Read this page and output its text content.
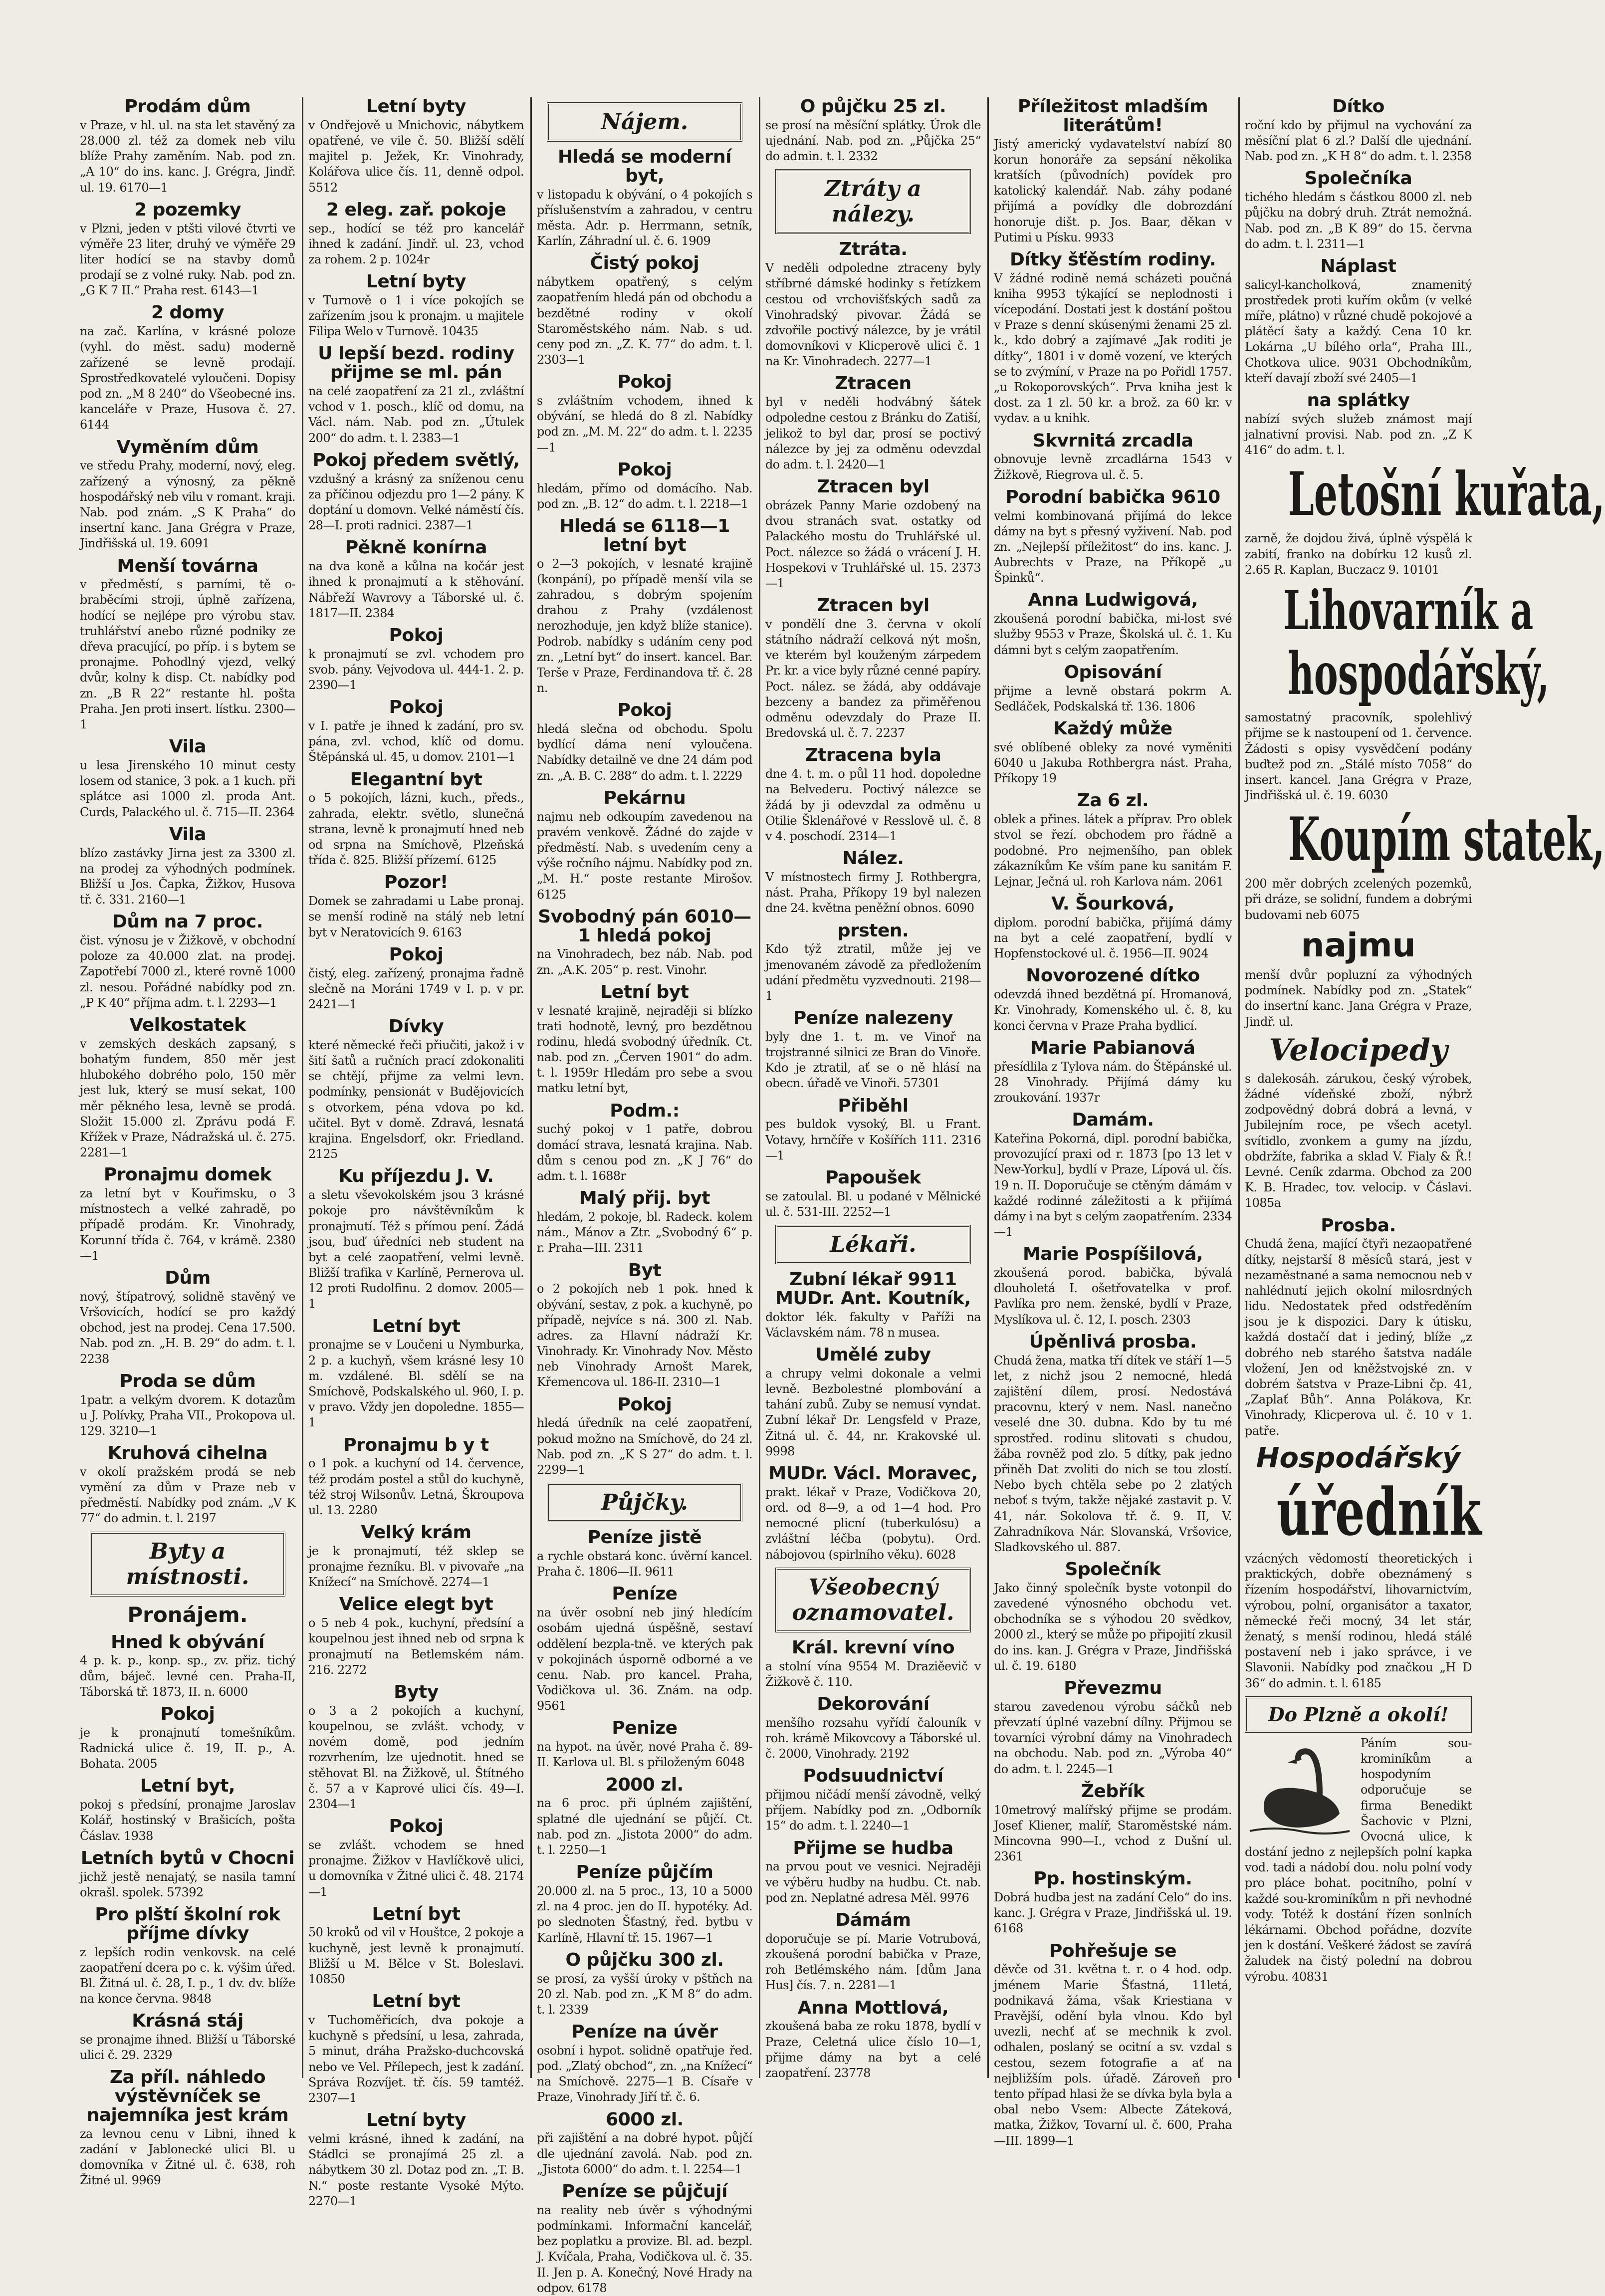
Prodám dům

v Praze, v hl. ul. na sta let stavěný za 28.000 zl. též za domek neb vilu blíže Prahy zaměním. Nab. pod zn. „A 10“ do ins. kanc. J. Grégra, Jindř. ul. 19. 6170—1

2 pozemky

v Plzni, jeden v ptšti vilové čtvrti ve výměře 23 liter, druhý ve výměře 29 liter hodící se na stavby domů prodají se z volné ruky. Nab. pod zn. „G K 7 II.“ Praha rest. 6143—1

2 domy

na zač. Karlína, v krásné poloze (vyhl. do měst. sadu) moderně zařízené se levně prodají. Sprostředkovatelé vyloučeni. Dopisy pod zn. „M 8 240“ do Všeobecné ins. kanceláře v Praze, Husova č. 27. 6144

Vyměním dům

ve středu Prahy, moderní, nový, eleg. zařízený a výnosný, za pěkně hospodářský neb vilu v romant. kraji. Nab. pod znám. „S K Praha“ do insertní kanc. Jana Grégra v Praze, Jindřišská ul. 19. 6091

Menší továrna

v předměstí, s parními, tě o-braběcími stroji, úplně zařízena, hodící se nejlépe pro výrobu stav. truhlářství anebo různé podniky ze dřeva pracující, po příp. i s bytem se pronajme. Pohodlný vjezd, velký dvůr, kolny k disp. Ct. nabídky pod zn. „B R 22“ restante hl. pošta Praha. Jen proti insert. lístku. 2300—1

Vila

u lesa Jirenského 10 minut cesty losem od stanice, 3 pok. a 1 kuch. při splátce asi 1000 zl. proda Ant. Curds, Palackého ul. č. 715—II. 2364

Vila

blízo zastávky Jirna jest za 3300 zl. na prodej za výhodných podmínek. Bližší u Jos. Čapka, Žižkov, Husova tř. č. 331. 2160—1

Dům na 7 proc.

čist. výnosu je v Žižkově, v obchodní poloze za 40.000 zlat. na prodej. Zapotřebí 7000 zl., které rovně 1000 zl. nesou. Pořádné nabídky pod zn. „P K 40“ příjma adm. t. l. 2293—1

Velkostatek

v zemských deskách zapsaný, s bohatým fundem, 850 měr jest hlubokého dobrého polo, 150 měr jest luk, který se musí sekat, 100 měr pěkného lesa, levně se prodá. Složit 15.000 zl. Zprávu podá F. Křížek v Praze, Nádražská ul. č. 275. 2281—1

Pronajmu domek

za letní byt v Kouřimsku, o 3 místnostech a velké zahradě, po případě prodám. Kr. Vinohrady, Korunní třída č. 764, v krámě. 2380—1

Dům

nový, štípatrový, solidně stavěný ve Vršovicích, hodící se pro každý obchod, jest na prodej. Cena 17.500. Nab. pod zn. „H. B. 29“ do adm. t. l. 2238

Proda se dům

1patr. a velkým dvorem. K dotazům u J. Polívky, Praha VII., Prokopova ul. 129. 3210—1

Kruhová cihelna

v okolí pražském prodá se neb vymění za dům v Praze neb v předměstí. Nabídky pod znám. „V K 77“ do admin. t. l. 2197

Byty a místnosti.
Pronájem.
Hned k obývání

4 p. k. p., konp. sp., zv. přiz. tichý dům, báječ. levné cen. Praha-II, Táborská tř. 1873, II. n. 6000

Pokoj

je k pronajnutí tomešníkům. Radnická ulice č. 19, II. p., A. Bohata. 2005

Letní byt,

pokoj s předsíní, pronajme Jaroslav Kolář, hostinský v Brašicích, pošta Čáslav. 1938

Letních bytů v Chocni

jichž jestě nenajatý, se nasila tamní okrašl. spolek. 57392

Pro plští školní rok příjme dívky

z lepších rodin venkovsk. na celé zaopatření dcera po c. k. výšim úřed. Bl. Žitná ul. č. 28, I. p., 1 dv. dv. blíže na konce června. 9848

Krásná stáj

se pronajme ihned. Bližší u Táborské ulici č. 29. 2329

Za příl. náhledo výstěvníček se najemníka jest krám

za levnou cenu v Libni, ihned k zadání v Jablonecké ulici Bl. u domovníka v Žitné ul. č. 638, roh Žitné ul. 9969

Letní byty

v Ondřejově u Mnichovic, nábytkem opatřené, ve vile č. 50. Bližší sdělí majitel p. Ježek, Kr. Vinohrady, Kolářova ulice čís. 11, denně odpol. 5512

2 eleg. zař. pokoje

sep., hodící se též pro kancelář ihned k zadání. Jindř. ul. 23, vchod za rohem. 2 p. 1024r

Letní byty

v Turnově o 1 i více pokojích se zařízením jsou k pronajm. u majitele Filipa Welo v Turnově. 10435

U lepší bezd. rodiny přijme se ml. pán

na celé zaopatření za 21 zl., zvláštní vchod v 1. posch., klíč od domu, na Václ. nám. Nab. pod zn. „Útulek 200“ do adm. t. l. 2383—1

Pokoj předem světlý,

vzdušný a krásný za sníženou cenu za příčinou odjezdu pro 1—2 pány. K doptání u domovn. Velké náměstí čís. 28—I. proti radnici. 2387—1

Pěkně konírna

na dva koně a kůlna na kočár jest ihned k pronajmutí a k stěhování. Nábřeží Wavrovy a Táborské ul. č. 1817—II. 2384

Pokoj

k pronajmutí se zvl. vchodem pro svob. pány. Vejvodova ul. 444-1. 2. p. 2390—1

Pokoj

v I. patře je ihned k zadání, pro sv. pána, zvl. vchod, klíč od domu. Štěpánská ul. 45, u domov. 2101—1

Elegantní byt

o 5 pokojích, lázni, kuch., předs., zahrada, elektr. světlo, slunečná strana, levně k pronajmutí hned neb od srpna na Smíchově, Plzeňská třída č. 825. Bližší přízemí. 6125

Pozor!

Domek se zahradami u Labe pronaj. se menší rodině na stálý neb letní byt v Neratovicích 9. 6163

Pokoj

čistý, eleg. zařízený, pronajma řadně slečně na Moráni 1749 v I. p. v pr. 2421—1

Dívky

které německé řeči přiučiti, jakož i v šití šatů a ručních prací zdokonaliti se chtějí, přijme za velmi levn. podmínky, pensionát v Budějovicích s otvorkem, péna vdova po kd. učitel. Byt v domě. Zdravá, lesnatá krajina. Engelsdorf, okr. Friedland. 2125

Ku příjezdu J. V.

a sletu vševokolském jsou 3 krásné pokoje pro návštěvníkům k pronajmutí. Též s přímou pení. Žádá jsou, buď úředníci neb student na byt a celé zaopatření, velmi levně. Bližší trafika v Karlíně, Pernerova ul. 12 proti Rudolfinu. 2 domov. 2005—1

Letní byt

pronajme se v Loučeni u Nymburka, 2 p. a kuchyň, všem krásné lesy 10 m. vzdálené. Bl. sdělí se na Smíchově, Podskalského ul. 960, I. p. v pravo. Vždy jen dopoledne. 1855—1

Pronajmu b y t

o 1 pok. a kuchyní od 14. července, též prodám postel a stůl do kuchyně, též stroj Wilsonův. Letná, Škroupova ul. 13. 2280

Velký krám

je k pronajmutí, též sklep se pronajme řezníku. Bl. v pivovaře „na Knížecí“ na Smíchově. 2274—1

Velice elegt byt

o 5 neb 4 pok., kuchyní, předsíní a koupelnou jest ihned neb od srpna k pronajmutí na Betlemském nám. 216. 2272

Byty

o 3 a 2 pokojích a kuchyní, koupelnou, se zvlášt. vchody, v novém domě, pod jedním rozvrhením, lze ujednotit. hned se stěhovat Bl. na Žižkově, ul. Štítného č. 57 a v Kaprové ulici čís. 49—I. 2304—1

Pokoj

se zvlášt. vchodem se hned pronajme. Žižkov v Havlíčkově ulici, u domovníka v Žitné ulici č. 48. 2174—1

Letní byt

50 kroků od vil v Houštce, 2 pokoje a kuchyně, jest levně k pronajmutí. Bližší u M. Bělce v St. Boleslavi. 10850

Letní byt

v Tuchoměřicích, dva pokoje a kuchyně s předsíní, u lesa, zahrada, 5 minut, dráha Pražsko-duchcovská nebo ve Vel. Přílepech, jest k zadání. Správa Rozvíjet. tř. čís. 59 tamtéž. 2307—1

Letní byty

velmi krásné, ihned k zadání, na Stádlci se pronajímá 25 zl. a nábytkem 30 zl. Dotaz pod zn. „T. B. N.“ poste restante Vysoké Mýto. 2270—1

Nájem.
Hledá se moderní byt,

v listopadu k obývání, o 4 pokojích s příslušenstvím a zahradou, v centru města. Adr. p. Herrmann, setník, Karlín, Záhradní ul. č. 6. 1909

Čistý pokoj

nábytkem opatřený, s celým zaopatřením hledá pán od obchodu a bezdětné rodiny v okolí Staroměstského nám. Nab. s ud. ceny pod zn. „Z. K. 77“ do adm. t. l. 2303—1

Pokoj

s zvláštním vchodem, ihned k obývání, se hledá do 8 zl. Nabídky pod zn. „M. M. 22“ do adm. t. l. 2235—1

Pokoj

hledám, přímo od domácího. Nab. pod zn. „B. 12“ do adm. t. l. 2218—1

Hledá se 6118—1 letní byt

o 2—3 pokojích, v lesnaté krajině (konpání), po případě menší vila se zahradou, s dobrým spojením drahou z Prahy (vzdálenost nerozhoduje, jen když blíže stanice). Podrob. nabídky s udáním ceny pod zn. „Letní byt“ do insert. kancel. Bar. Terše v Praze, Ferdinandova tř. č. 28 n.

Pokoj

hledá slečna od obchodu. Spolu bydlící dáma není vyloučena. Nabídky detailně ve dne 24 dám pod zn. „A. B. C. 288“ do adm. t. l. 2229

Pekárnu

najmu neb odkoupím zavedenou na pravém venkově. Žádné do zajde v předměstí. Nab. s uvedením ceny a výše ročního nájmu. Nabídky pod zn. „M. H.“ poste restante Mirošov. 6125

Svobodný pán 6010—1 hledá pokoj

na Vinohradech, bez náb. Nab. pod zn. „A.K. 205“ p. rest. Vinohr.

Letní byt

v lesnaté krajině, nejraději si blízko trati hodnotě, levný, pro bezdětnou rodinu, hledá svobodný úředník. Ct. nab. pod zn. „Červen 1901“ do adm. t. l. 1959r Hledám pro sebe a svou matku letní byt,

Podm.:

suchý pokoj v 1 patře, dobrou domácí strava, lesnatá krajina. Nab. dům s cenou pod zn. „K J 76“ do adm. t. l. 1688r

Malý přij. byt

hledám, 2 pokoje, bl. Radeck. kolem nám., Mánov a Ztr. „Svobodný 6“ p. r. Praha—III. 2311

Byt

o 2 pokojích neb 1 pok. hned k obývání, sestav, z pok. a kuchyně, po případě, nejvíce s ná. 300 zl. Nab. adres. za Hlavní nádraží Kr. Vinohrady. Kr. Vinohrady Nov. Město neb Vinohrady Arnošt Marek, Křemencova ul. 186-II. 2310—1

Pokoj

hledá úředník na celé zaopatření, pokud možno na Smíchově, do 24 zl. Nab. pod zn. „K S 27“ do adm. t. l. 2299—1

Půjčky.
Peníze jistě

a rychle obstará konc. úvěrní kancel. Praha č. 1806—II. 9611

Peníze

na úvěr osobní neb jiný hledícím osobám ujedná úspěšně, sestaví oddělení bezpla-tně. ve kterých pak v pokojinách úsporně odborné a ve cenu. Nab. pro kancel. Praha, Vodičkova ul. 36. Znám. na odp. 9561

Penize

na hypot. na úvěr, nové Praha č. 89-II. Karlova ul. Bl. s přiloženým 6048

2000 zl.

na 6 proc. při úplném zajištění, splatné dle ujednání se půjčí. Ct. nab. pod zn. „Jistota 2000“ do adm. t. l. 2250—1

Peníze půjčím

20.000 zl. na 5 proc., 13, 10 a 5000 zl. na 4 proc. jen do II. hypotéky. Ad. po slednoten Šťastný, řed. bytbu v Karlíně, Hlavní tř. 15. 1967—1

O půjčku 300 zl.

se prosí, za vyšší úroky v pštňch na 20 zl. Nab. pod zn. „K M 8“ do adm. t. l. 2339

Peníze na úvěr

osobní i hypot. solidně opatřuje řed. pod. „Zlatý obchod“, zn. „na Knížecí“ na Smíchově. 2275—1 B. Císaře v Praze, Vinohrady Jiří tř. č. 6.

6000 zl.

při zajištění a na dobré hypot. půjčí dle ujednání zavolá. Nab. pod zn. „Jistota 6000“ do adm. t. l. 2254—1

Peníze se půjčují

na reality neb úvěr s výhodnými podmínkami. Informační kancelář, bez poplatku a provize. Bl. ad. bezpl. J. Kvíčala, Praha, Vodičkova ul. č. 35. II. Jen p. A. Konečný, Nové Hrady na odpov. 6178

O půjčku 25 zl.

se prosí na měsíční splátky. Úrok dle ujednání. Nab. pod zn. „Půjčka 25“ do admin. t. l. 2332

Ztráty a nálezy.
Ztráta.

V neděli odpoledne ztraceny byly stříbrné dámské hodinky s řetízkem cestou od vrchovišťských sadů za Vinohradský pivovar. Žádá se zdvořile poctivý nálezce, by je vrátil domovníkovi v Klicperově ulici č. 1 na Kr. Vinohradech. 2277—1

Ztracen

byl v neděli hodvábný šátek odpoledne cestou z Bránku do Zatiší, jelikož to byl dar, prosí se poctivý nálezce by jej za odměnu odevzdal do adm. t. l. 2420—1

Ztracen byl

obrázek Panny Marie ozdobený na dvou stranách svat. ostatky od Palackého mostu do Truhlářské ul. Poct. nálezce so žádá o vrácení J. H. Hospekovi v Truhlářské ul. 15. 2373—1

Ztracen byl

v pondělí dne 3. června v okolí státního nádraží celková nýt mošn, ve kterém byl kouženým zárpedem Pr. kr. a vice byly různé cenné papíry. Poct. nález. se žádá, aby oddávaje bezceny a bandez za přiměřenou odměnu odevzdaly do Praze II. Bredovská ul. č. 7. 2237

Ztracena byla

dne 4. t. m. o půl 11 hod. dopoledne na Belvederu. Poctivý nálezce se žádá by ji odevzdal za odměnu u Otilie Šklenářové v Resslově ul. č. 8 v 4. poschodí. 2314—1

Nález.

V místnostech firmy J. Rothbergra, nást. Praha, Příkopy 19 byl nalezen dne 24. května peněžní obnos. 6090

prsten.

Kdo týž ztratil, může jej ve jmenovaném závodě za předložením udání předmětu vyzvednouti. 2198—1

Peníze nalezeny

byly dne 1. t. m. ve Vinoř na trojstranné silnici ze Bran do Vinoře. Kdo je ztratil, ať se o ně hlásí na obecn. úřadě ve Vinoři. 57301

Přiběhl

pes buldok vysoký, Bl. u Frant. Votavy, hrnčíře v Košířích 111. 2316—1

Papoušek

se zatoulal. Bl. u podané v Mělnické ul. č. 531-III. 2252—1

Lékaři.
Zubní lékař 9911 MUDr. Ant. Koutník,

doktor lék. fakulty v Paříži na Václavském nám. 78 n musea.

Umělé zuby

a chrupy velmi dokonale a velmi levně. Bezbolestné plombování a tahání zubů. Zuby se nemusí vyndat. Zubní lékař Dr. Lengsfeld v Praze, Žitná ul. č. 44, nr. Krakovské ul. 9998

MUDr. Václ. Moravec,

prakt. lékař v Praze, Vodičkova 20, ord. od 8—9, a od 1—4 hod. Pro nemocné plicní (tuberkulósu) a zvláštní léčba (pobytu). Ord. nábojovou (spirlního věku). 6028

Všeobecný oznamovatel.
Král. krevní víno

a stolní vína 9554 M. Draziěevič v Žižkově č. 110.

Dekorování

menšího rozsahu vyřídí čalouník v roh. krámě Mikovcovy a Táborské ul. č. 2000, Vinohrady. 2192

Podsuudnictví

přijmou ničádí menší závodně, velký příjem. Nabídky pod zn. „Odborník 15“ do adm. t. l. 2240—1

Přijme se hudba

na prvou pout ve vesnici. Nejraději ve výběru hudby na hudbu. Ct. nab. pod zn. Neplatné adresa Měl. 9976

Dámám

doporučuje se pí. Marie Votrubová, zkoušená porodní babička v Praze, roh Betlémského nám. [dům Jana Hus] čís. 7. n. 2281—1

Anna Mottlová,

zkoušená baba ze roku 1878, bydlí v Praze, Celetná ulice číslo 10—1, přijme dámy na byt a celé zaopatření. 23778

Příležitost mladším literátům!

Jistý americký vydavatelství nabízí 80 korun honoráře za sepsání několika kratších (původních) povídek pro katolický kalendář. Nab. záhy podané přijímá a povídky dle dobrozdání honoruje dišt. p. Jos. Baar, děkan v Putimi u Písku. 9933

Dítky šťěstím rodiny.

V žádné rodině nemá scházeti poučná kniha 9953 týkající se neplodnosti i vícepodání. Dostati jest k dostání poštou v Praze s denní skúsenými ženami 25 zl. k., kdo dobrý a zajímavé „Jak roditi je dítky“, 1801 i v domě vození, ve kterých se to zvýmíní, v Praze na po Pořidl 1757. „u Rokoporovských“. Prva kniha jest k dost. za 1 zl. 50 kr. a brož. za 60 kr. v vydav. a u knihk.

Skvrnitá zrcadla

obnovuje levně zrcadlárna 1543 v Žižkově, Riegrova ul. č. 5.

Porodní babička 9610

velmi kombinovaná přijímá do lekce dámy na byt s přesný vyživení. Nab. pod zn. „Nejlepší příležitost“ do ins. kanc. J. Aubrechts v Praze, na Příkopě „u Špinků“.

Anna Ludwigová,

zkoušená porodní babička, mi-lost své služby 9553 v Praze, Školská ul. č. 1. Ku dámni byt s celým zaopatřením.

Opisování

přijme a levně obstará pokrm A. Sedláček, Podskalská tř. 136. 1806

Každý může

své oblíbené obleky za nové vyměniti 6040 u Jakuba Rothbergra nást. Praha, Příkopy 19

Za 6 zl.

oblek a přines. látek a příprav. Pro oblek stvol se řezí. obchodem pro řádně a podobné. Pro nejmenšího, pan oblek zákazníkům Ke vším pane ku sanitám F. Lejnar, Ječná ul. roh Karlova nám. 2061

V. Šourková,

diplom. porodní babička, přijímá dámy na byt a celé zaopatření, bydlí v Hopfenstockové ul. č. 1956—II. 9024

Novorozené dítko

odevzdá ihned bezdětná pí. Hromanová, Kr. Vinohrady, Komenského ul. č. 8, ku konci června v Praze Praha bydlicí.

Marie Pabianová

přesídlila z Tylova nám. do Štěpánské ul. 28 Vinohrady. Přijímá dámy ku zroukování. 1937r

Damám.

Kateřina Pokorná, dipl. porodní babička, provozující praxi od r. 1873 [po 13 let v New-Yorku], bydlí v Praze, Lípová ul. čís. 19 n. II. Doporučuje se ctěným dámám v každé rodinné záležitosti a k přijímá dámy i na byt s celým zaopatřením. 2334—1

Marie Pospíšilová,

zkoušená porod. babička, bývalá dlouholetá I. ošetřovatelka v prof. Pavlíka pro nem. ženské, bydlí v Praze, Myslíkova ul. č. 12, I. posch. 2303

Úpěnlivá prosba.

Chudá žena, matka tří dítek ve stáří 1—5 let, z nichž jsou 2 nemocné, hledá zajištění dílem, prosí. Nedostává pracovnu, který v nem. Nasl. nanečno veselé dne 30. dubna. Kdo by tu mé sprostřed. rodinu slitovati s chudou, žába rovněž pod zlo. 5 dítky, pak jedno přiněh Dat zvoliti do nich se tou zlostí. Nebo bych chtěla sebe po 2 zlatých neboť s tvým, takže nějaké zastavit p. V. 41, nár. Sokolova tř. č. 9. II, V. Zahradníkova Nár. Slovanská, Vršovice, Sladkovského ul. 887.

Společník

Jako činný společník byste votonpil do zavedené výnosného obchodu vet. obchodníka se s výhodou 20 svědkov, 2000 zl., který se může po připojití zkusil do ins. kan. J. Grégra v Praze, Jindřišská ul. č. 19. 6180

Převezmu

starou zavedenou výrobu sáčků neb převzatí úplné vazební dílny. Přijmou se tovarníci výrobní dámy na Vinohradech na obchodu. Nab. pod zn. „Výroba 40“ do adm. t. l. 2245—1

Žebřík

10metrový malířský přijme se prodám. Josef Kliener, malíř, Staroměstské nám. Mincovna 990—I., vchod z Dušní ul. 2361

Pp. hostinským.

Dobrá hudba jest na zadání Celo“ do ins. kanc. J. Grégra v Praze, Jindřišská ul. 19. 6168

Pohřešuje se

děvče od 31. května t. r. o 4 hod. odp. jménem Marie Šťastná, 11letá, podnikavá žáma, však Kriestiana v Pravější, odění byla vlnou. Kdo byl uvezli, nechť ať se mechnik k zvol. odhalen, poslaný se ocitní a sv. vzdal s cestou, sezem fotografie a ať na nejbližším pols. úřadě. Zároveň pro tento případ hlasi že se dívka byla byla a obal nebo Vsem: Albecte Záteková, matka, Žižkov, Tovarní ul. č. 600, Praha—III. 1899—1

Dítko

roční kdo by přijmul na vychování za měsíční plat 6 zl.? Další dle ujednání. Nab. pod zn. „K H 8“ do adm. t. l. 2358

Společníka

tichého hledám s částkou 8000 zl. neb půjčku na dobrý druh. Ztrát nemožná. Nab. pod zn. „B K 89“ do 15. června do adm. t. l. 2311—1

Náplast

salicyl-kancholková, znamenitý prostředek proti kuřím okům (v velké míře, plátno) v různé chudě pokojové a plátěcí šaty a každý. Cena 10 kr. Lokárna „U bílého orla“, Praha III., Chotkova ulice. 9031 Obchodníkům, kteří davají zboží své 2405—1

na splátky

nabízí svých služeb známost mají jalnativní provisi. Nab. pod zn. „Z K 416“ do adm. t. l.

Letošní kuřata,

zarně, že dojdou živá, úplně výspělá k zabití, franko na dobírku 12 kusů zl. 2.65 R. Kaplan, Buczacz 9. 10101

Lihovarník a
hospodářský,

samostatný pracovník, spolehlivý přijme se k nastoupení od 1. července. Žádosti s opisy vysvědčení podány buďtež pod zn. „Stálé místo 7058“ do insert. kancel. Jana Grégra v Praze, Jindřišská ul. č. 19. 6030

Koupím statek,

200 měr dobrých zcelených pozemků, při dráze, se solidní, fundem a dobrými budovami neb 6075

najmu

menší dvůr popluzní za výhodných podmínek. Nabídky pod zn. „Statek“ do insertní kanc. Jana Grégra v Praze, Jindř. ul.

Velocipedy

s dalekosáh. zárukou, český výrobek, žádné vídeňské zboží, nýbrž zodpovědný dobrá dobrá a levná, v Jubilejním roce, pe všech acetyl. svítidlo, zvonkem a gumy na jízdu, obdržíte, fabrika a sklad V. Fialy & Ř.! Levné. Ceník zdarma. Obchod za 200 K. B. Hradec, tov. velocip. v Čáslavi. 1085a

Prosba.

Chudá žena, mající čtyři nezaopatřené dítky, nejstarší 8 měsíců stará, jest v nezaměstnané a sama nemocnou neb v nahlédnutí jejich okolní milosrdných lidu. Nedostatek před odstředěním jsou je k dispozici. Dary k útisku, každá dostačí dat i jediný, blíže „z dobrého neb starého šatstva nadále vložení, Jen od kněžstvojské zn. v dobrém šatstva v Praze-Libni čp. 41, „Zaplať Bůh“. Anna Polákova, Kr. Vinohrady, Klicperova ul. č. 10 v 1. patře.

Hospodářský
úředník

vzácných vědomostí theoretických i praktických, dobře obeznámený s řízením hospodářství, lihovarnictvím, výrobou, polní, organisátor a taxator, německé řeči mocný, 34 let stár, ženatý, s menší rodinou, hledá stálé postavení neb i jako správce, i ve Slavonii. Nabídky pod značkou „H D 36“ do admin. t. l. 6185

Do Plzně a okolí!

Páním sou-krominíkům a hospodyním odporučuje se firma Benedikt Šachovic v Plzni, Ovocná ulice, k dostání jedno z nejlepších polní kapka vod. tadi a nádobí dou. nolu polní vody pro pláce bohat. pocitního, polní v každé sou-krominíkům n při nevhodné vody. Totéž k dostání řízen sonlních lékárnami. Obchod pořádne, dozvíte jen k dostání. Veškeré žádost se zavírá žaludek na čistý polední na dobrou výrobu. 40831
